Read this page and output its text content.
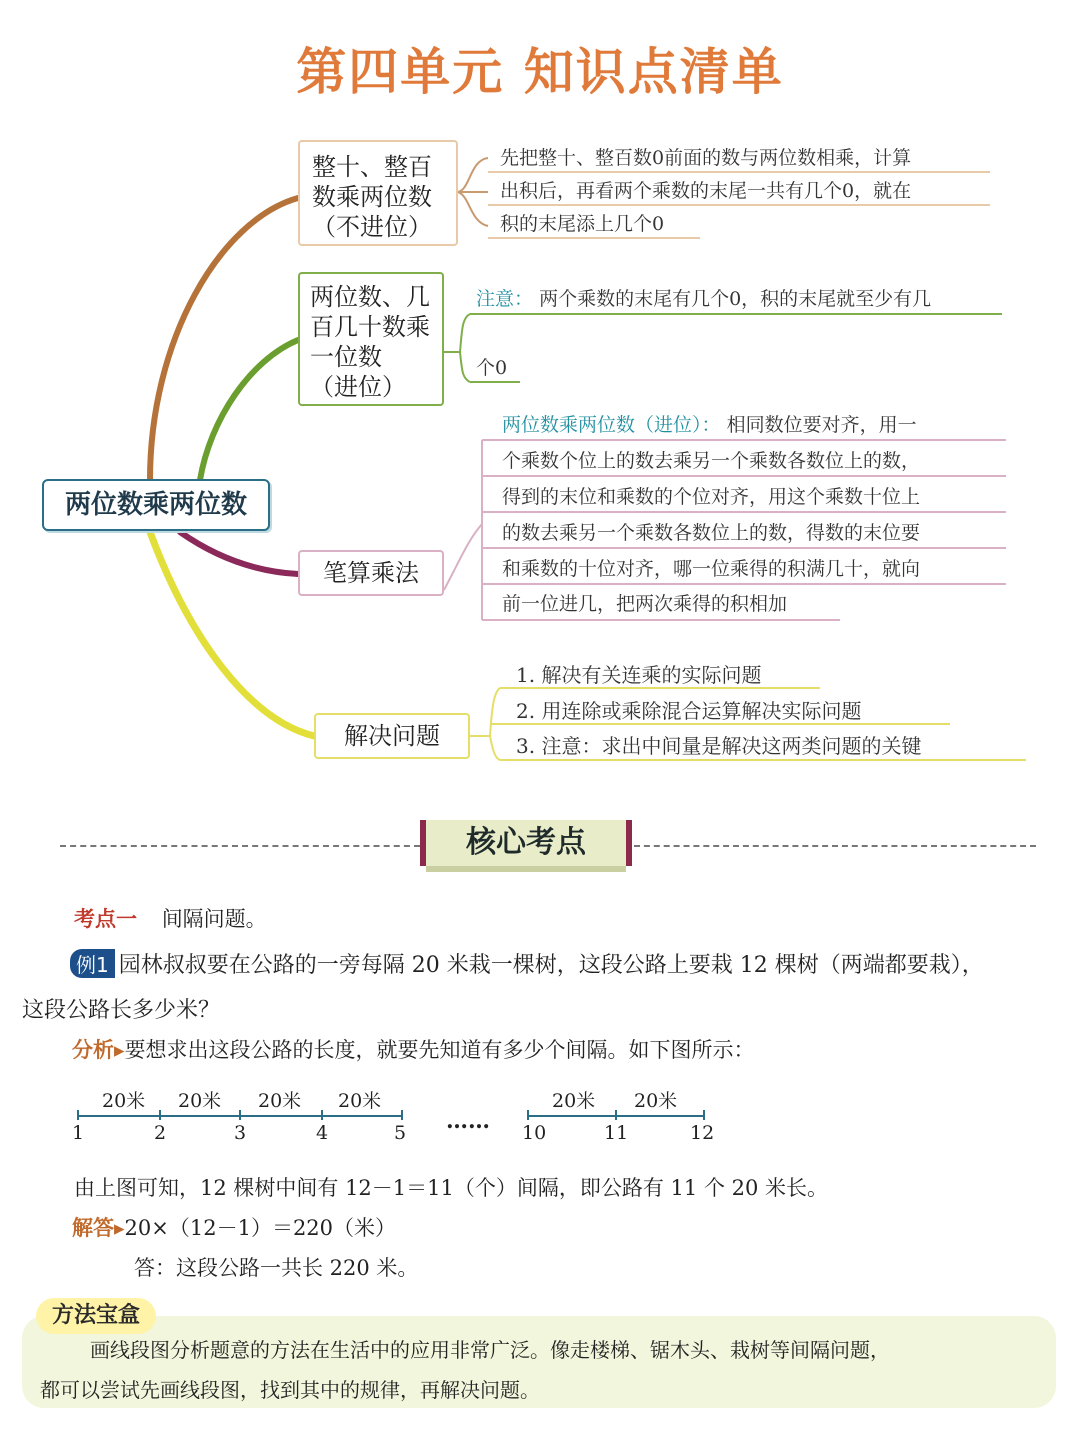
第四单元 知识点清单
两位数乘两位数
整十、整百
数乘两位数
（不进位）
两位数、几
百几十数乘
一位数
（进位）
笔算乘法
解决问题
先把整十、整百数0前面的数与两位数相乘，计算
出积后，再看两个乘数的末尾一共有几个0，就在
积的末尾添上几个0
注意： 两个乘数的末尾有几个0，积的末尾就至少有几
个0
两位数乘两位数（进位）： 相同数位要对齐，用一
个乘数个位上的数去乘另一个乘数各数位上的数，
得到的末位和乘数的个位对齐，用这个乘数十位上
的数去乘另一个乘数各数位上的数，得数的末位要
和乘数的十位对齐，哪一位乘得的积满几十，就向
前一位进几，把两次乘得的积相加
1. 解决有关连乘的实际问题
2. 用连除或乘除混合运算解决实际问题
3. 注意：求出中间量是解决这两类问题的关键
核心考点
考点一 间隔问题。
例1 园林叔叔要在公路的一旁每隔 20 米栽一棵树，这段公路上要栽 12 棵树（两端都要栽），
这段公路长多少米？
分析▸要想求出这段公路的长度，就要先知道有多少个间隔。如下图所示：
20米 20米 20米 20米	20米 20米
1	2	3	4	5 …… 10	11	12
由上图可知，12 棵树中间有 12－1＝11（个）间隔，即公路有 11 个 20 米长。
解答▸20×（12－1）＝220（米）
答：这段公路一共长 220 米。
方法宝盒
画线段图分析题意的方法在生活中的应用非常广泛。像走楼梯、锯木头、栽树等间隔问题，
都可以尝试先画线段图，找到其中的规律，再解决问题。
